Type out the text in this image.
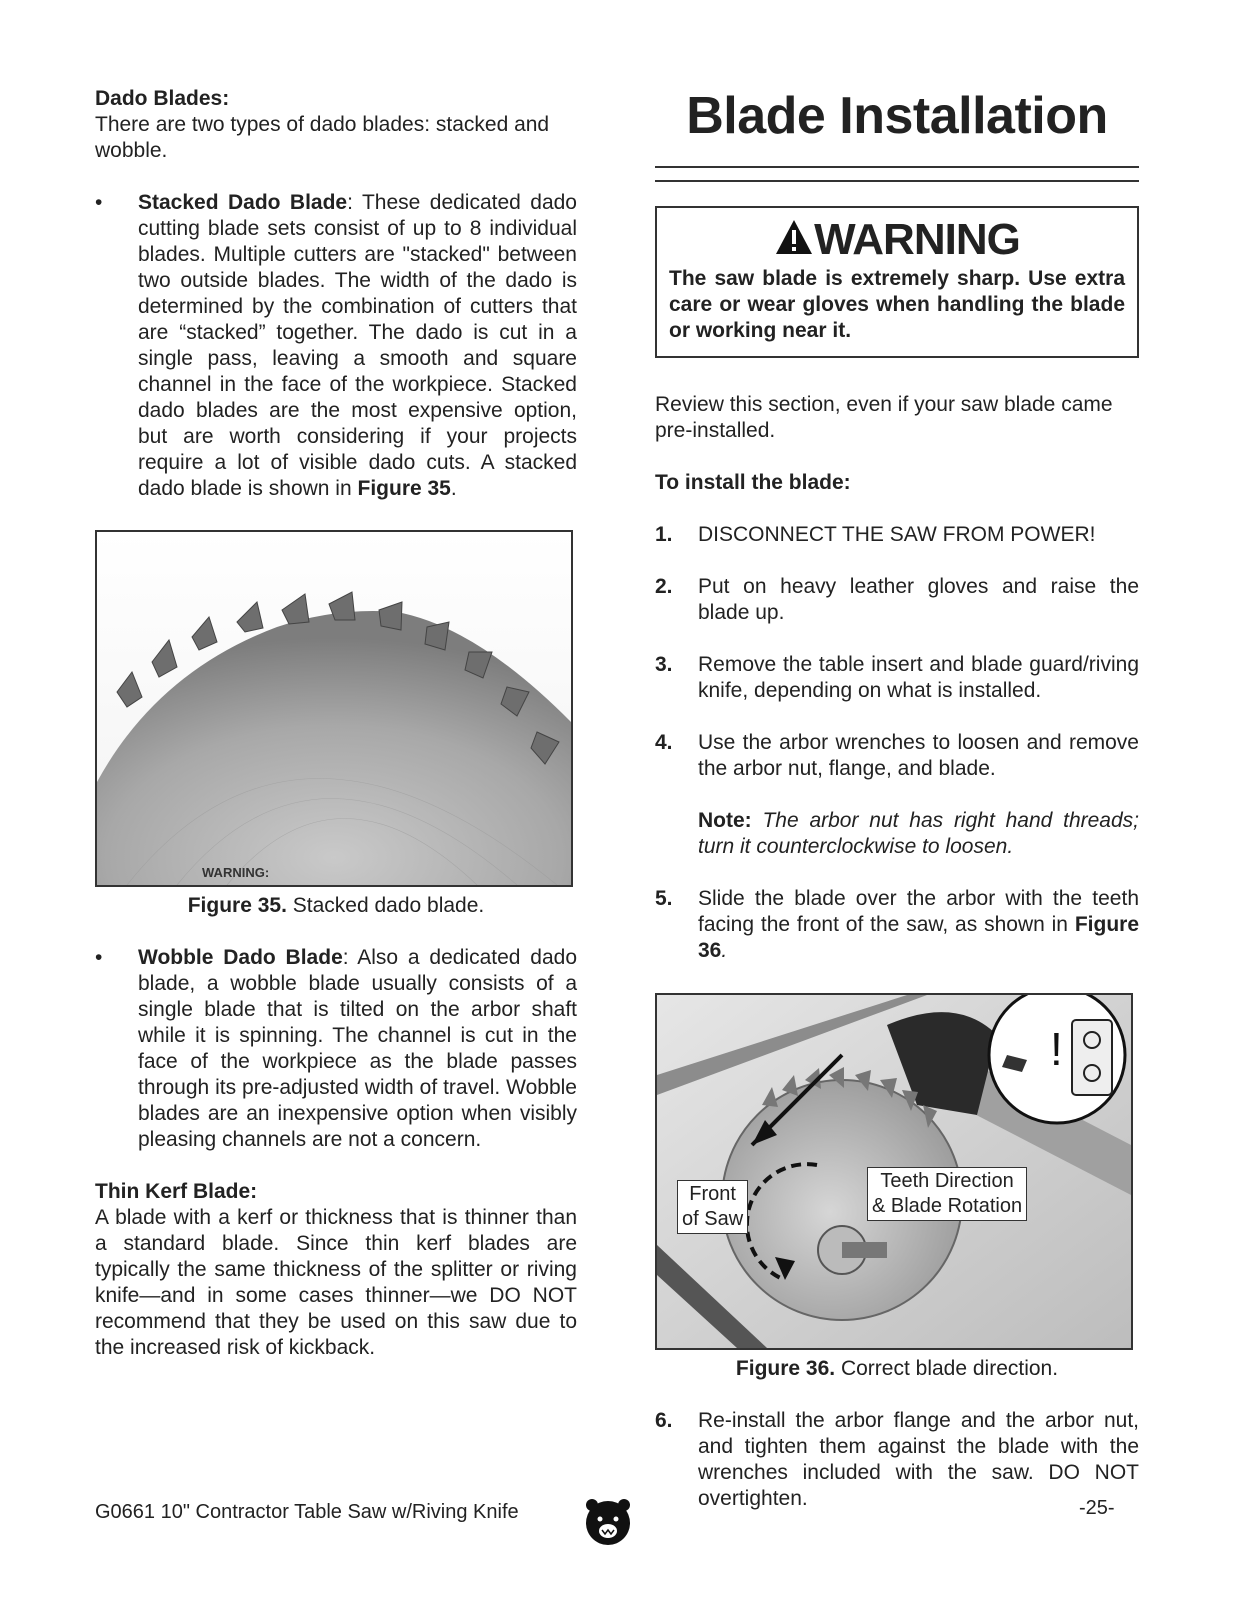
Dado Blades:

There are two types of dado blades: stacked and wobble.

• Stacked Dado Blade: These dedicated dado cutting blade sets consist of up to 8 individual blades. Multiple cutters are "stacked" between two outside blades. The width of the dado is determined by the combination of cutters that are “stacked” together. The dado is cut in a single pass, leaving a smooth and square channel in the face of the workpiece. Stacked dado blades are the most expensive option, but are worth considering if your projects require a lot of visible dado cuts. A stacked dado blade is shown in Figure 35.

WARNING:

Figure 35. Stacked dado blade.

• Wobble Dado Blade: Also a dedicated dado blade, a wobble blade usually consists of a single blade that is tilted on the arbor shaft while it is spinning. The channel is cut in the face of the workpiece as the blade passes through its pre-adjusted width of travel. Wobble blades are an inexpensive option when visibly pleasing channels are not a concern.

Thin Kerf Blade:

A blade with a kerf or thickness that is thinner than a standard blade. Since thin kerf blades are typically the same thickness of the splitter or riving knife—and in some cases thinner—we DO NOT recommend that they be used on this saw due to the increased risk of kickback.

Blade Installation
WARNING

The saw blade is extremely sharp. Use extra care or wear gloves when handling the blade or working near it.

Review this section, even if your saw blade came pre-installed.

To install the blade:

1. DISCONNECT THE SAW FROM POWER!

2. Put on heavy leather gloves and raise the blade up.

3. Remove the table insert and blade guard/riving knife, depending on what is installed.

4. Use the arbor wrenches to loosen and remove the arbor nut, flange, and blade.

Note: The arbor nut has right hand threads; turn it counterclockwise to loosen.

5. Slide the blade over the arbor with the teeth facing the front of the saw, as shown in Figure 36.

!
Front
of Saw
Teeth Direction
& Blade Rotation

Figure 36. Correct blade direction.

6. Re-install the arbor flange and the arbor nut, and tighten them against the blade with the wrenches included with the saw. DO NOT overtighten.

G0661 10" Contractor Table Saw w/Riving Knife	-25-
